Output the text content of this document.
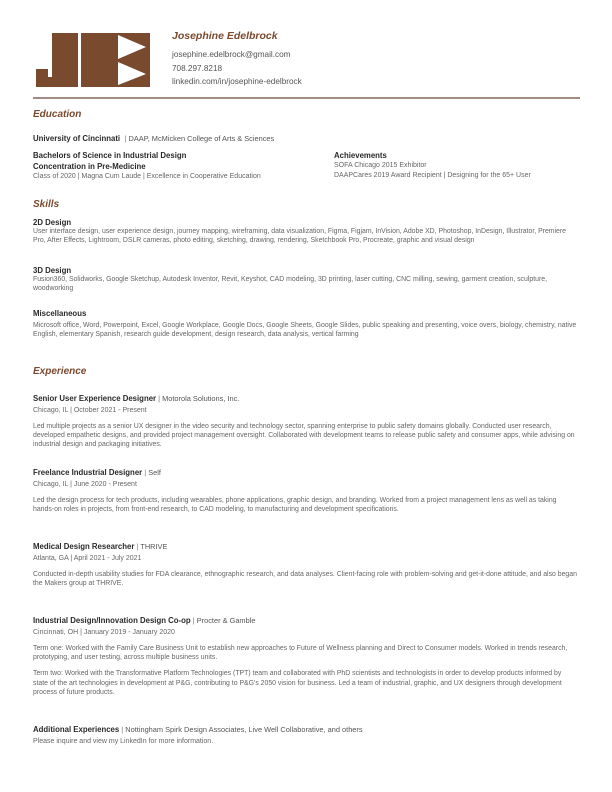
Josephine Edelbrock
josephine.edelbrock@gmail.com
708.297.8218
linkedin.com/in/josephine-edelbrock
Education
University of Cincinnati | DAAP, McMicken College of Arts & Sciences
Bachelors of Science in Industrial Design
Concentration in Pre-Medicine
Class of 2020 | Magna Cum Laude | Excellence in Cooperative Education
Achievements
SOFA Chicago 2015 Exhibitor
DAAPCares 2019 Award Recipient | Designing for the 65+ User
Skills
2D Design
User interface design, user experience design, journey mapping, wireframing, data visualization, Figma, Figjam, InVision, Adobe XD, Photoshop, InDesign, Illustrator, Premiere Pro, After Effects, Lightroom, DSLR cameras, photo editing, sketching, drawing, rendering, Sketchbook Pro, Procreate, graphic and visual design
3D Design
Fusion360, Solidworks, Google Sketchup, Autodesk Inventor, Revit, Keyshot, CAD modeling, 3D printing, laser cutting, CNC milling, sewing, garment creation, sculpture, woodworking
Miscellaneous
Microsoft office, Word, Powerpoint, Excel, Google Workplace, Google Docs, Google Sheets, Google Slides, public speaking and presenting, voice overs, biology, chemistry, native English, elementary Spanish, research guide development, design research, data analysis, vertical farming
Experience
Senior User Experience Designer | Motorola Solutions, Inc.
Chicago, IL | October 2021 - Present
Led multiple projects as a senior UX designer in the video security and technology sector, spanning enterprise to public safety domains globally. Conducted user research, developed empathetic designs, and provided project management oversight. Collaborated with development teams to release public safety and consumer apps, while advising on industrial design and packaging initiatives.
Freelance Industrial Designer | Self
Chicago, IL | June 2020 - Present
Led the design process for tech products, including wearables, phone applications, graphic design, and branding. Worked from a project management lens as well as taking hands-on roles in projects, from front-end research, to CAD modeling, to manufacturing and development specifications.
Medical Design Researcher | THRIVE
Atlanta, GA | April 2021 - July 2021
Conducted in-depth usability studies for FDA clearance, ethnographic research, and data analyses. Client-facing role with problem-solving and get-it-done attitude, and also began the Makers group at THRIVE.
Industrial Design/Innovation Design Co-op | Procter & Gamble
Cincinnati, OH | January 2019 - January 2020
Term one: Worked with the Family Care Business Unit to establish new approaches to Future of Wellness planning and Direct to Consumer models. Worked in trends research, prototyping, and user testing, across multiple business units.
Term two: Worked with the Transformative Platform Technologies (TPT) team and collaborated with PhD scientists and technologists in order to develop products informed by state of the art technologies in development at P&G, contributing to P&G's 2050 vision for business. Led a team of industrial, graphic, and UX designers through development process of future products.
Additional Experiences | Nottingham Spirk Design Associates, Live Well Collaborative, and others
Please inquire and view my LinkedIn for more information.
